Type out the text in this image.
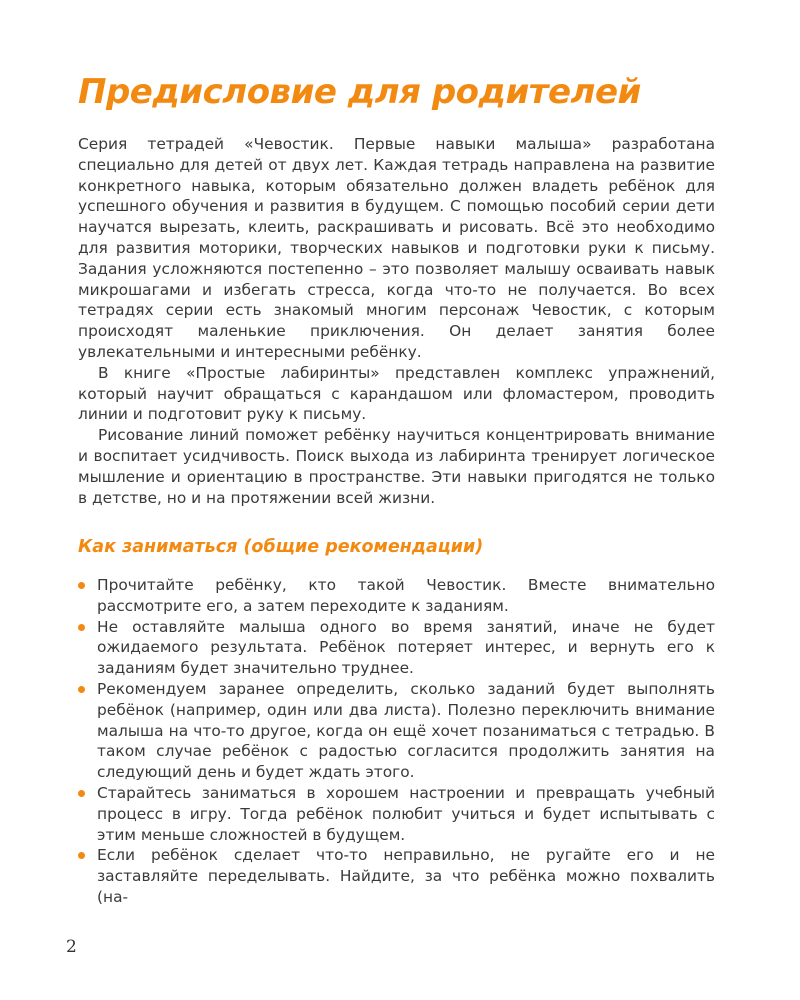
Предисловие для родителей

Серия тетрадей «Чевостик. Первые навыки малыша» разработана специально для детей от двух лет. Каждая тетрадь направлена на развитие конкретного навыка, которым обязательно должен владеть ребёнок для успешного обучения и развития в будущем. С помощью пособий серии дети научатся вырезать, клеить, раскрашивать и рисовать. Всё это необходимо для развития моторики, творческих навыков и подготовки руки к письму. Задания усложняются постепенно – это позволяет малышу осваивать навык микрошагами и избегать стресса, когда что-то не получается. Во всех тетрадях серии есть знакомый многим персонаж Чевостик, с которым происходят маленькие приключения. Он делает занятия более увлекательными и интересными ребёнку.

В книге «Простые лабиринты» представлен комплекс упражнений, который научит обращаться с карандашом или фломастером, проводить линии и подготовит руку к письму.

Рисование линий поможет ребёнку научиться концентрировать внимание и воспитает усидчивость. Поиск выхода из лабиринта тренирует логическое мышление и ориентацию в пространстве. Эти навыки пригодятся не только в детстве, но и на протяжении всей жизни.

Как заниматься (общие рекомендации)
Прочитайте ребёнку, кто такой Чевостик. Вместе внимательно рассмотрите его, а затем переходите к заданиям.
Не оставляйте малыша одного во время занятий, иначе не будет ожидаемого результата. Ребёнок потеряет интерес, и вернуть его к заданиям будет значительно труднее.
Рекомендуем заранее определить, сколько заданий будет выполнять ребёнок (например, один или два листа). Полезно переключить внимание малыша на что-то другое, когда он ещё хочет позаниматься с тетрадью. В таком случае ребёнок с радостью согласится продолжить занятия на следующий день и будет ждать этого.
Старайтесь заниматься в хорошем настроении и превращать учебный процесс в игру. Тогда ребёнок полюбит учиться и будет испытывать с этим меньше сложностей в будущем.
Если ребёнок сделает что-то неправильно, не ругайте его и не заставляйте переделывать. Найдите, за что ребёнка можно похвалить (на-
2
